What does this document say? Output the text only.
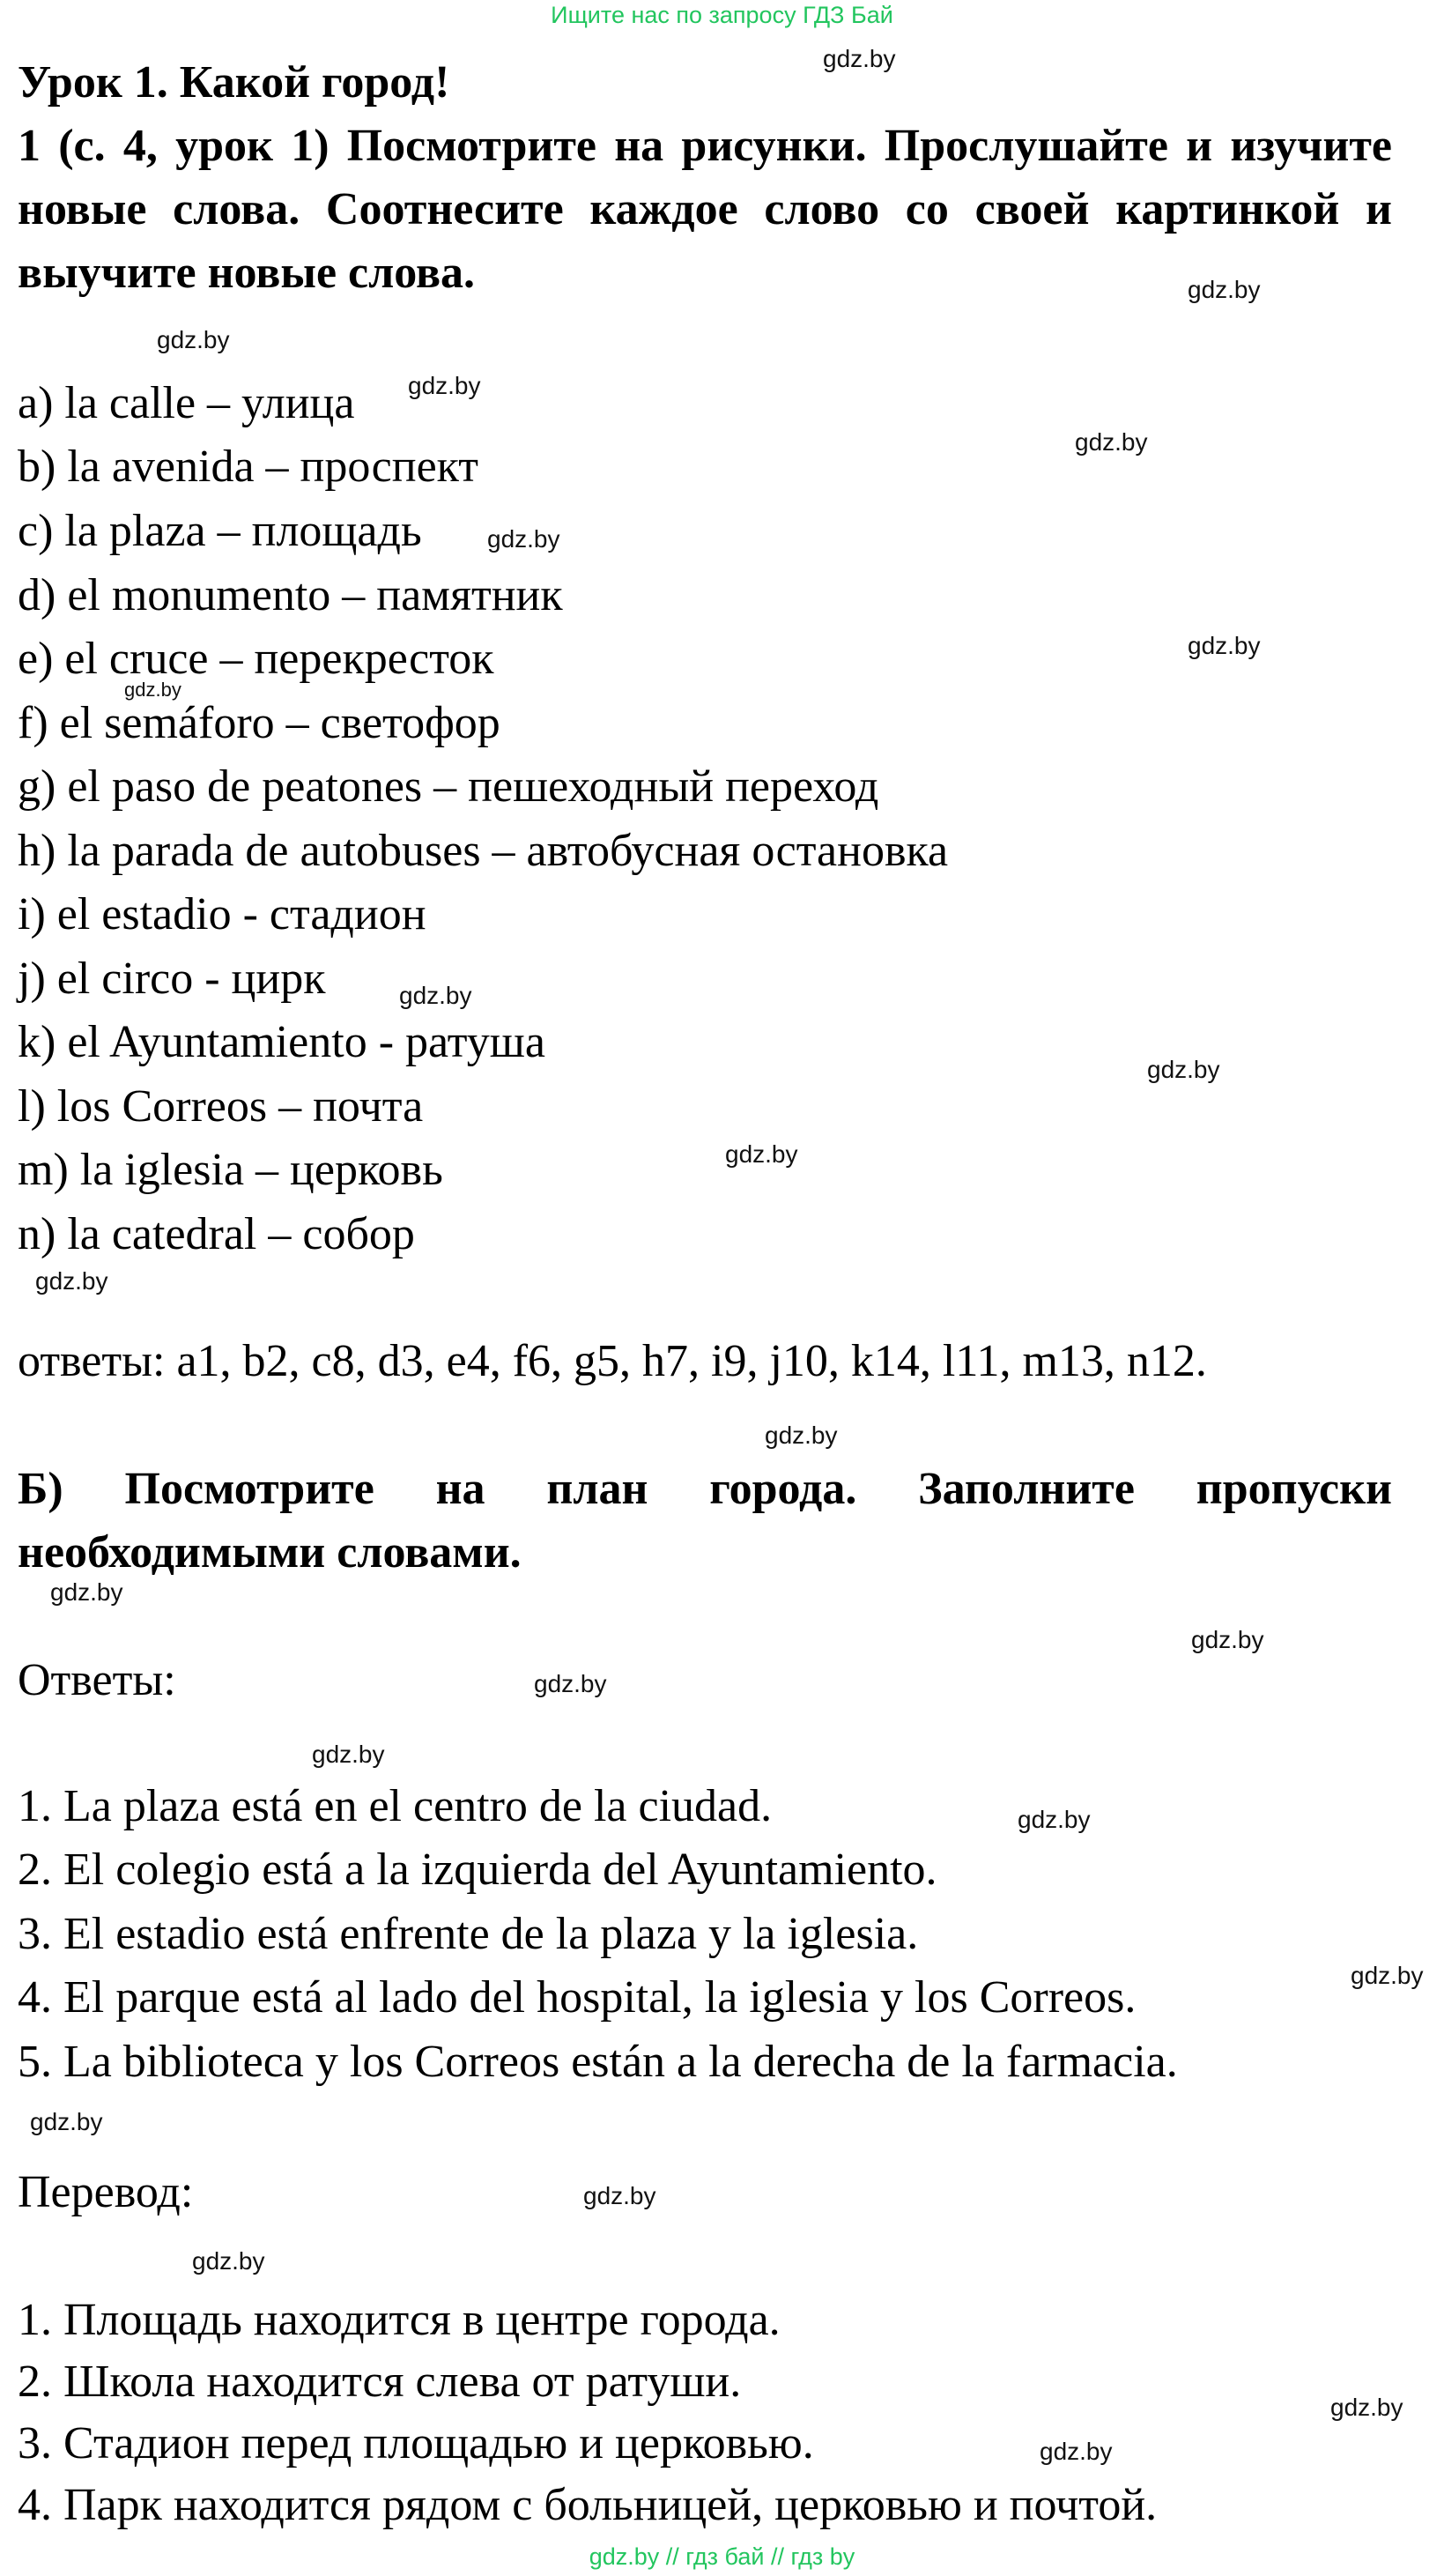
Ищите нас по запросу ГДЗ Бай
Урок 1. Какой город!
1 (с. 4, урок 1) Посмотрите на рисунки. Прослушайте и изучите новые слова. Соотнесите каждое слово со своей картинкой и выучите новые слова.
a) la calle – улица
b) la avenida – проспект
c) la plaza – площадь
d) el monumento – памятник
e) el cruce – перекресток
f) el semáforo – светофор
g) el paso de peatones – пешеходный переход
h) la parada de autobuses – автобусная остановка
i) el estadio - стадион
j) el circo - цирк
k) el Ayuntamiento - ратуша
l) los Correos – почта
m) la iglesia – церковь
n) la catedral – собор
ответы: a1, b2, c8, d3, e4, f6, g5, h7, i9, j10, k14, l11, m13, n12.
Б) Посмотрите на план города. Заполните пропуски необходимыми словами.
Ответы:
1. La plaza está en el centro de la ciudad.
2. El colegio está a la izquierda del Ayuntamiento.
3. El estadio está enfrente de la plaza y la iglesia.
4. El parque está al lado del hospital, la iglesia y los Correos.
5. La biblioteca y los Correos están a la derecha de la farmacia.
Перевод:
1. Площадь находится в центре города.
2. Школа находится слева от ратуши.
3. Стадион перед площадью и церковью.
4. Парк находится рядом с больницей, церковью и почтой.
gdz.by
gdz.by
gdz.by
gdz.by
gdz.by
gdz.by
gdz.by
gdz.by
gdz.by
gdz.by
gdz.by
gdz.by
gdz.by
gdz.by
gdz.by
gdz.by
gdz.by
gdz.by
gdz.by
gdz.by
gdz.by
gdz.by
gdz.by
gdz.by
gdz.by // гдз бай // гдз by
